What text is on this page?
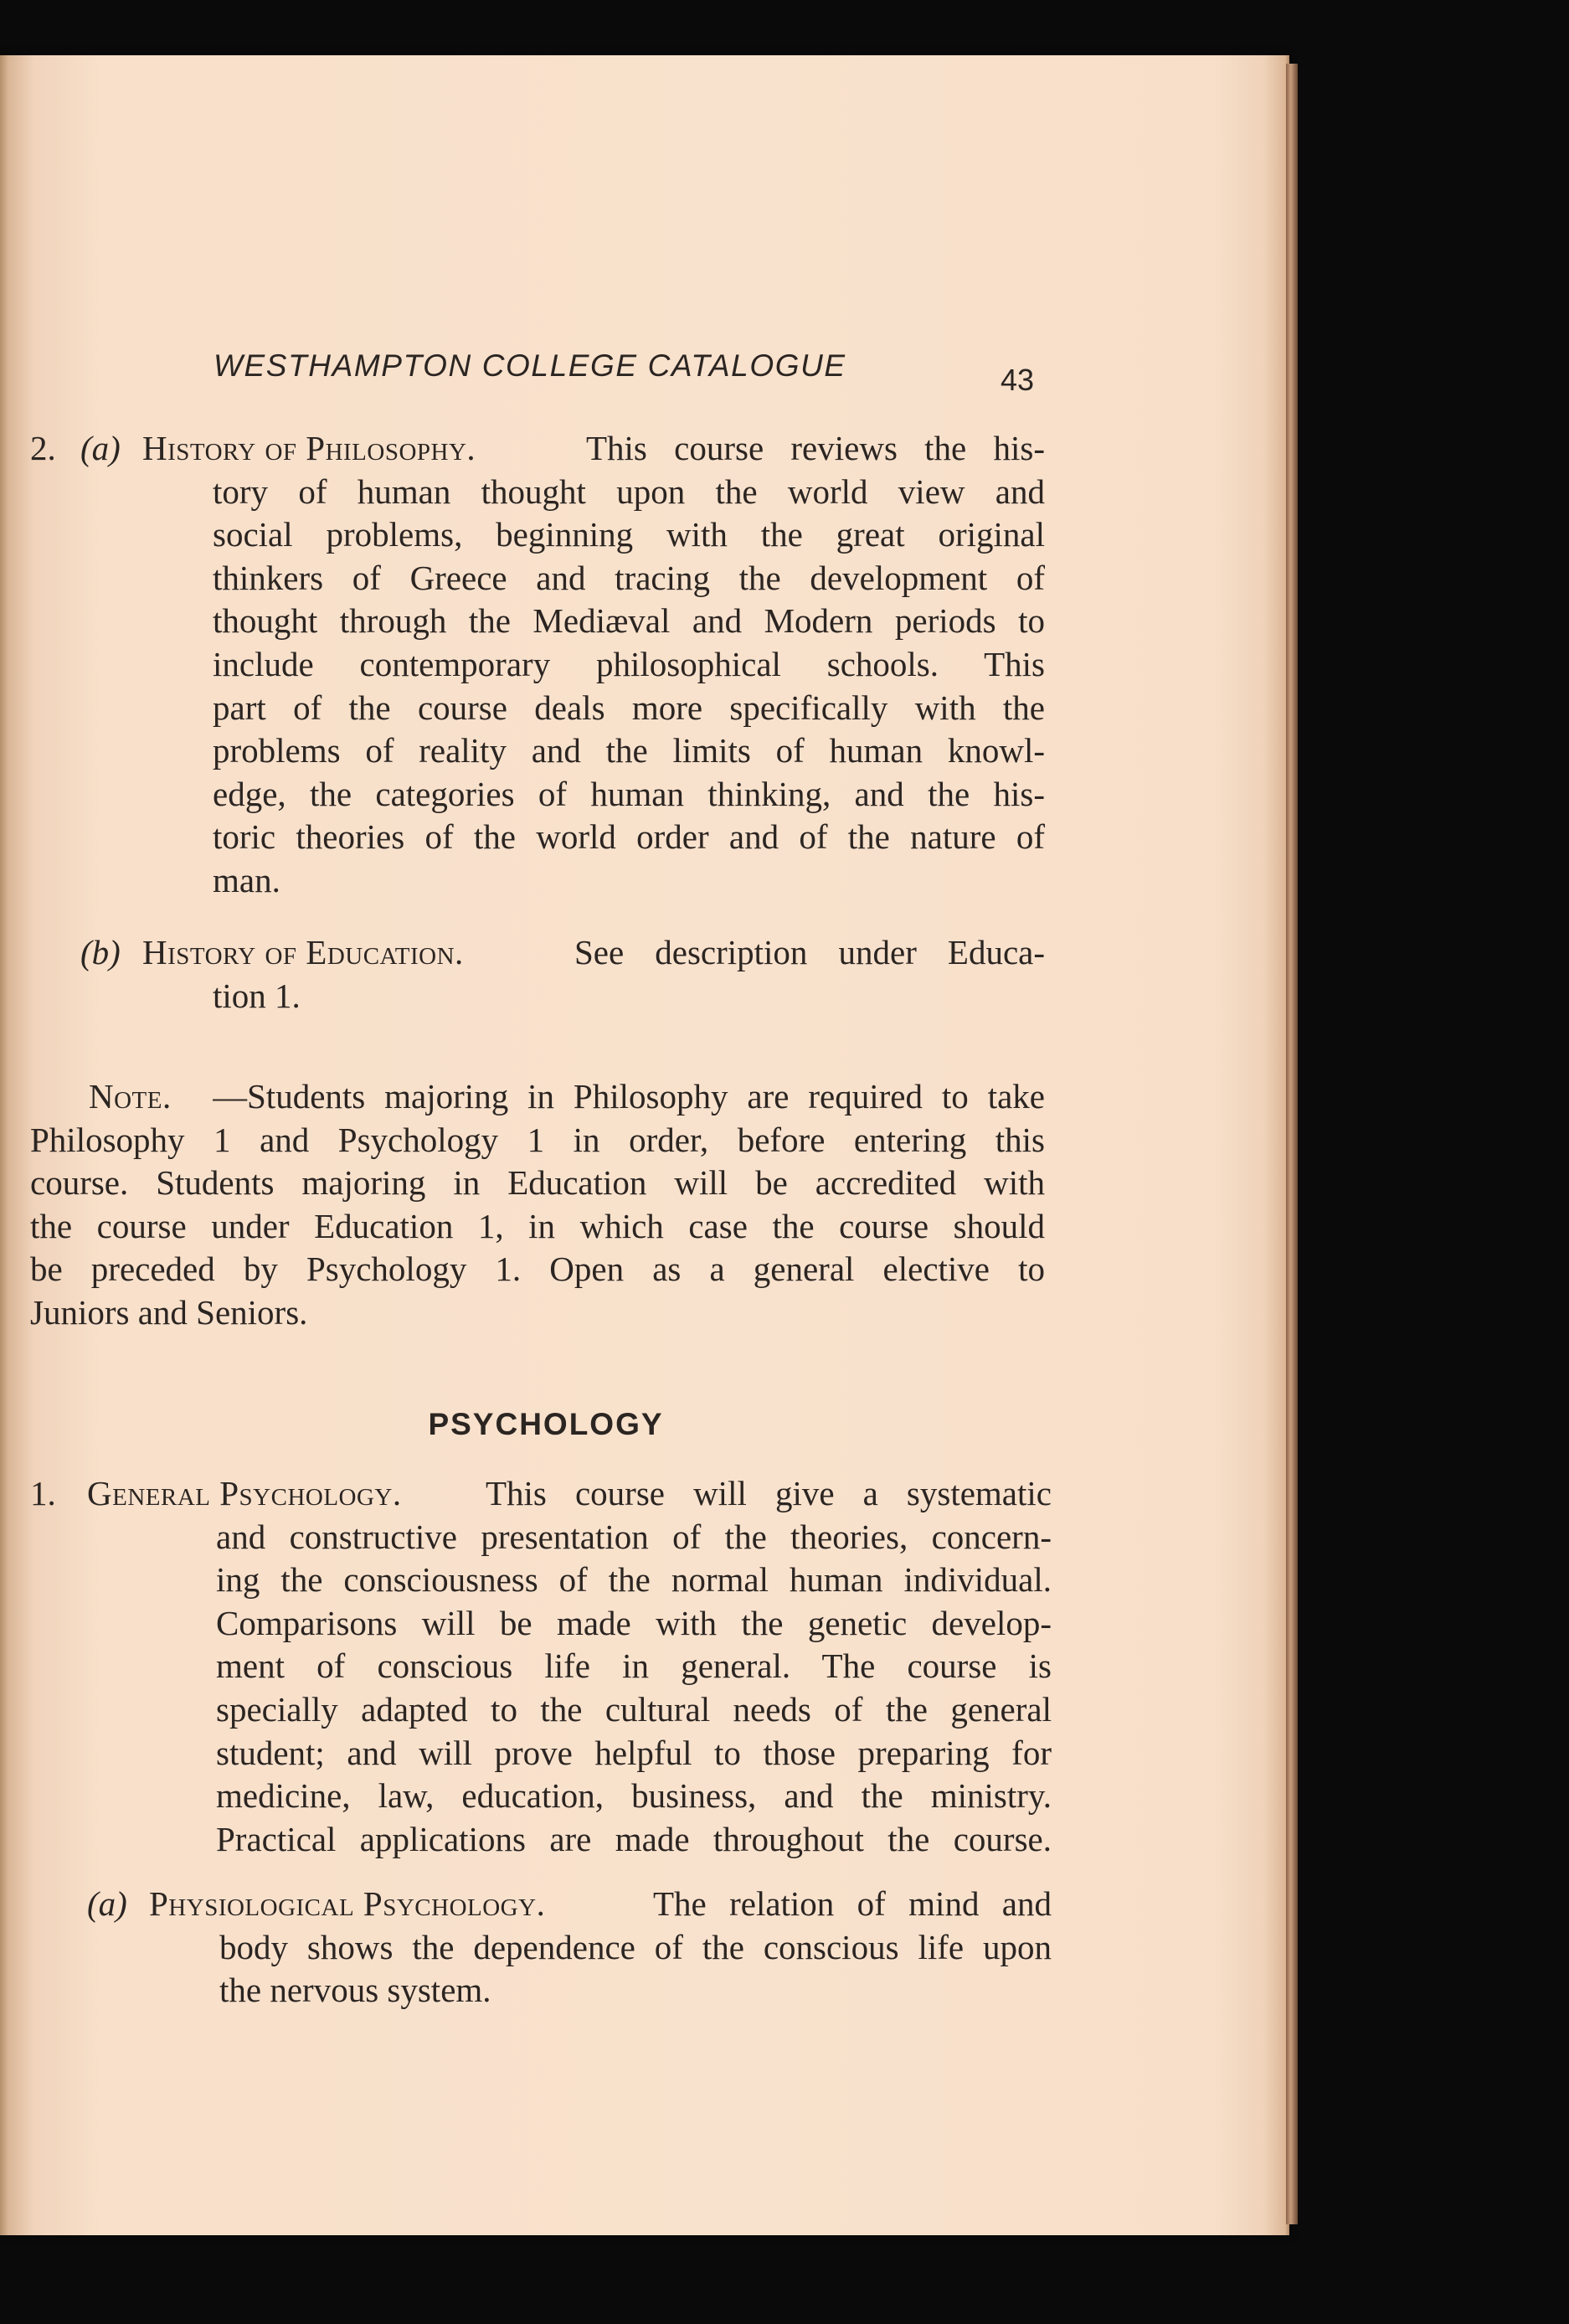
WESTHAMPTON COLLEGE CATALOGUE	43
2. (a) History of Philosophy.	This course reviews the his-
tory of human thought upon the world view and
social problems, beginning with the great original
thinkers of Greece and tracing the development of
thought through the Mediæval and Modern periods to
include contemporary philosophical schools. This
part of the course deals more specifically with the
problems of reality and the limits of human knowl-
edge, the categories of human thinking, and the his-
toric theories of the world order and of the nature of
man.
(b) History of Education.	See description under Educa-
tion 1.
Note. —Students majoring in Philosophy are required to take
Philosophy 1 and Psychology 1 in order, before entering this
course. Students majoring in Education will be accredited with
the course under Education 1, in which case the course should
be preceded by Psychology 1. Open as a general elective to
Juniors and Seniors.
PSYCHOLOGY
1. General Psychology. This course will give a systematic
and constructive presentation of the theories, concern-
ing the consciousness of the normal human individual.
Comparisons will be made with the genetic develop-
ment of conscious life in general. The course is
specially adapted to the cultural needs of the general
student; and will prove helpful to those preparing for
medicine, law, education, business, and the ministry.
Practical applications are made throughout the course.
(a) Physiological Psychology.	The relation of mind and
body shows the dependence of the conscious life upon
the nervous system.
